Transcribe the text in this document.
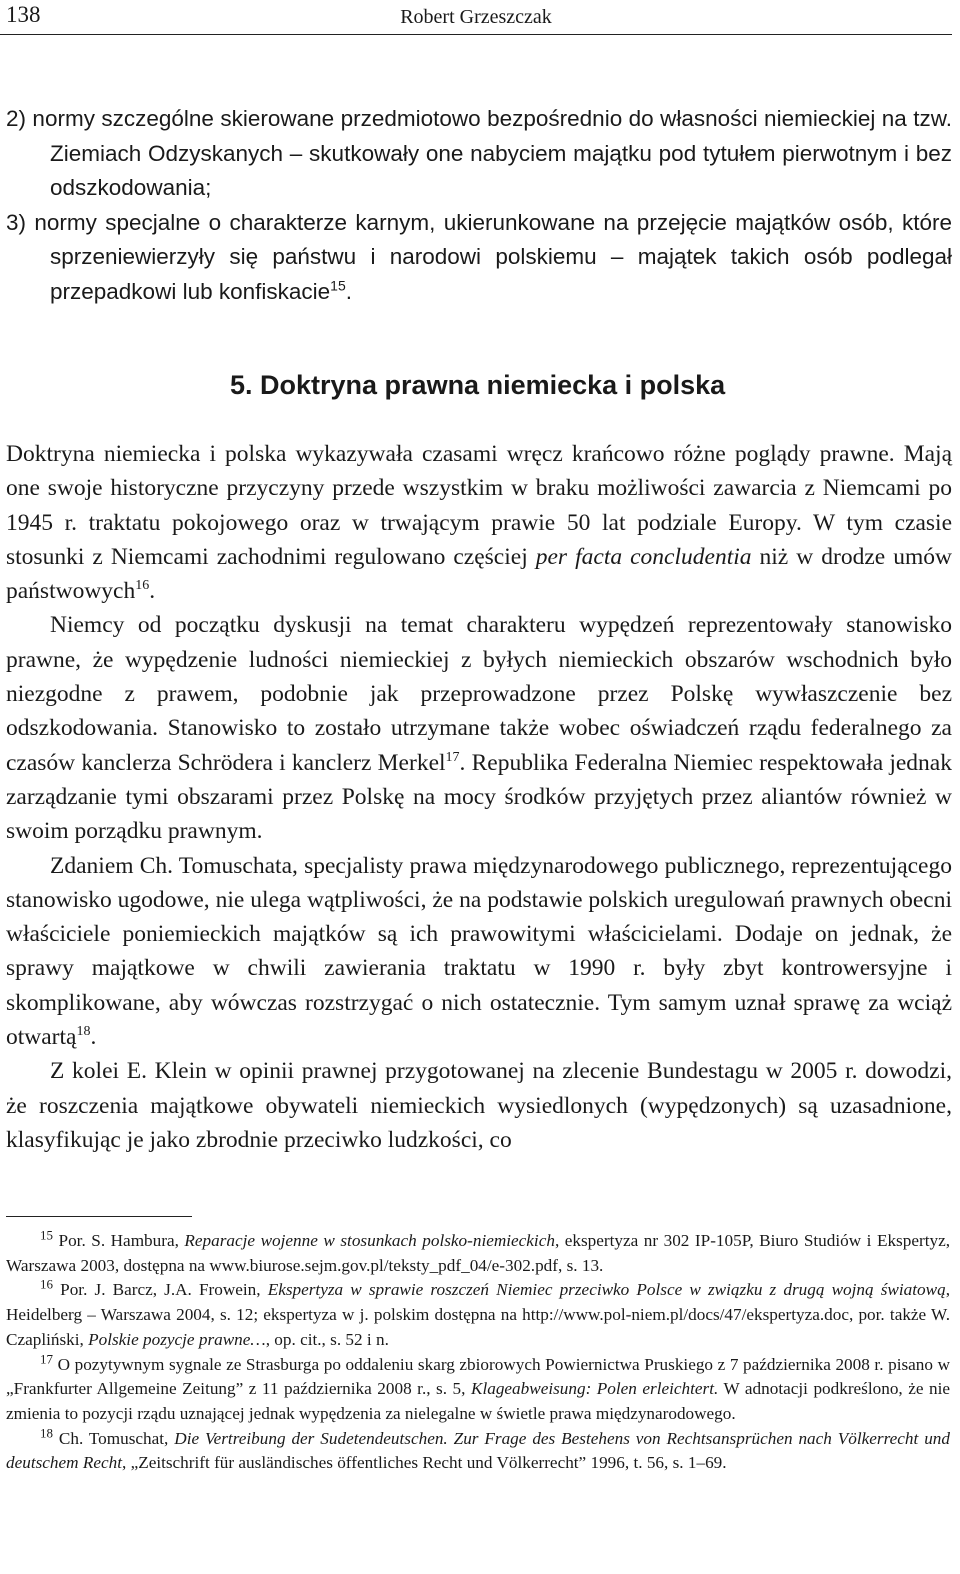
138	Robert Grzeszczak

2) normy szczególne skierowane przedmiotowo bezpośrednio do własności niemieckiej na tzw. Ziemiach Odzyskanych – skutkowały one nabyciem majątku pod tytułem pierwotnym i bez odszkodowania;

3) normy specjalne o charakterze karnym, ukierunkowane na przejęcie majątków osób, które sprzeniewierzyły się państwu i narodowi polskiemu – majątek takich osób podlegał przepadkowi lub konfiskacie$^{15}$.

5. Doktryna prawna niemiecka i polska

Doktryna niemiecka i polska wykazywała czasami wręcz krańcowo różne poglądy prawne. Mają one swoje historyczne przyczyny przede wszystkim w braku możliwości zawarcia z Niemcami po 1945 r. traktatu pokojowego oraz w trwającym prawie 50 lat podziale Europy. W tym czasie stosunki z Niemcami zachodnimi regulowano częściej per facta concludentia niż w drodze umów państwowych$^{16}$.

Niemcy od początku dyskusji na temat charakteru wypędzeń reprezentowały stanowisko prawne, że wypędzenie ludności niemieckiej z byłych niemieckich obszarów wschodnich było niezgodne z prawem, podobnie jak przeprowadzone przez Polskę wywłaszczenie bez odszkodowania. Stanowisko to zostało utrzymane także wobec oświadczeń rządu federalnego za czasów kanclerza Schrödera i kanclerz Merkel$^{17}$. Republika Federalna Niemiec respektowała jednak zarządzanie tymi obszarami przez Polskę na mocy środków przyjętych przez aliantów również w swoim porządku prawnym.

Zdaniem Ch. Tomuschata, specjalisty prawa międzynarodowego publicznego, reprezentującego stanowisko ugodowe, nie ulega wątpliwości, że na podstawie polskich uregulowań prawnych obecni właściciele poniemieckich majątków są ich prawowitymi właścicielami. Dodaje on jednak, że sprawy majątkowe w chwili zawierania traktatu w 1990 r. były zbyt kontrowersyjne i skomplikowane, aby wówczas rozstrzygać o nich ostatecznie. Tym samym uznał sprawę za wciąż otwartą$^{18}$.

Z kolei E. Klein w opinii prawnej przygotowanej na zlecenie Bundestagu w 2005 r. dowodzi, że roszczenia majątkowe obywateli niemieckich wysiedlonych (wypędzonych) są uzasadnione, klasyfikując je jako zbrodnie przeciwko ludzkości, co

$^{15}$ Por. S. Hambura, Reparacje wojenne w stosunkach polsko-niemieckich, ekspertyza nr 302 IP-105P, Biuro Studiów i Ekspertyz, Warszawa 2003, dostępna na www.biurose.sejm.gov.pl/teksty_pdf_04/e-302.pdf, s. 13.

$^{16}$ Por. J. Barcz, J.A. Frowein, Ekspertyza w sprawie roszczeń Niemiec przeciwko Polsce w związku z drugą wojną światową, Heidelberg – Warszawa 2004, s. 12; ekspertyza w j. polskim dostępna na http://www.pol-niem.pl/docs/47/ekspertyza.doc, por. także W. Czapliński, Polskie pozycje prawne…, op. cit., s. 52 i n.

$^{17}$ O pozytywnym sygnale ze Strasburga po oddaleniu skarg zbiorowych Powiernictwa Pruskiego z 7 października 2008 r. pisano w „Frankfurter Allgemeine Zeitung” z 11 października 2008 r., s. 5, Klageabweisung: Polen erleichtert. W adnotacji podkreślono, że nie zmienia to pozycji rządu uznającej jednak wypędzenia za nielegalne w świetle prawa międzynarodowego.

$^{18}$ Ch. Tomuschat, Die Vertreibung der Sudetendeutschen. Zur Frage des Bestehens von Rechtsansprüchen nach Völkerrecht und deutschem Recht, „Zeitschrift für ausländisches öffentliches Recht und Völkerrecht” 1996, t. 56, s. 1–69.
